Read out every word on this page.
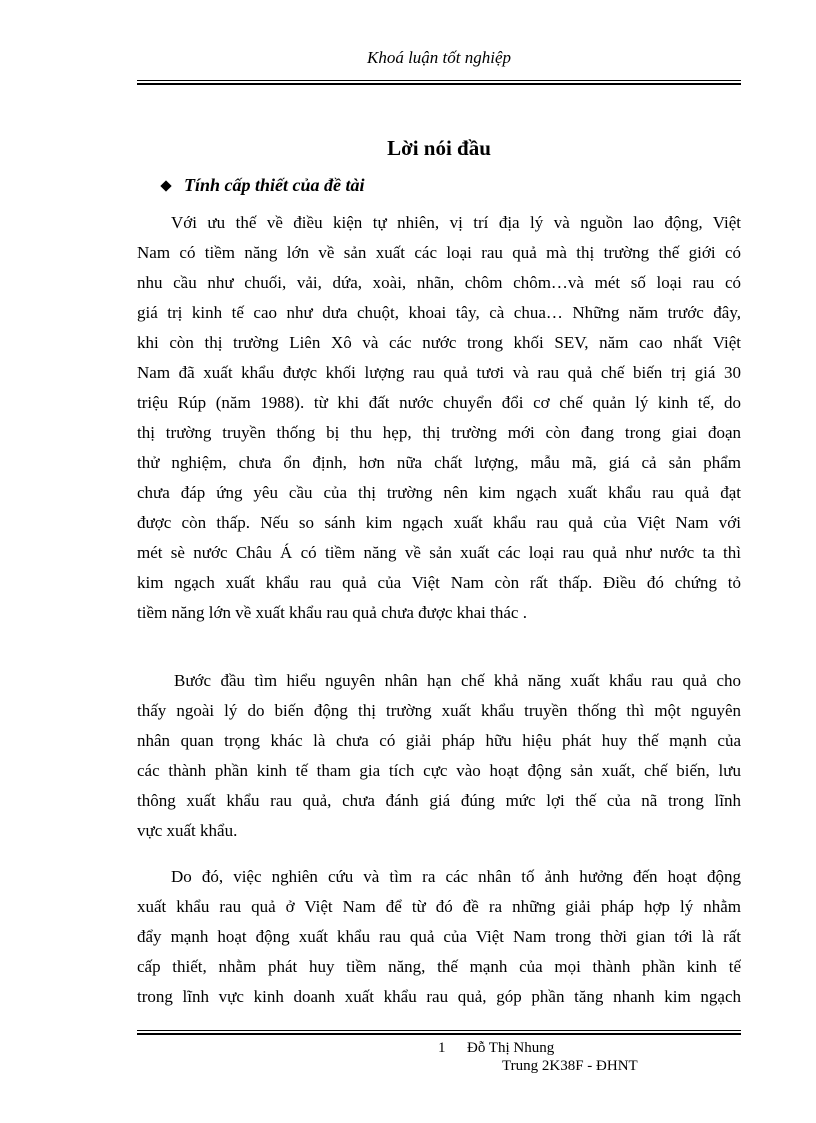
Khoá luận tốt nghiệp
Lời nói đầu
Tính cấp thiết của đề tài
Với ưu thế về điều kiện tự nhiên, vị trí địa lý và nguồn lao động, Việt
Nam có tiềm năng lớn về sản xuất các loại rau quả mà thị trường thế giới có
nhu cầu như chuối, vải, dứa, xoài, nhãn, chôm chôm…và mét số loại rau có
giá trị kinh tế cao như dưa chuột, khoai tây, cà chua… Những năm trước đây,
khi còn thị trường Liên Xô và các nước trong khối SEV, năm cao nhất Việt
Nam đã xuất khẩu được khối lượng rau quả tươi và rau quả chế biến trị giá 30
triệu Rúp (năm 1988). từ khi đất nước chuyển đổi cơ chế quản lý kinh tế, do
thị trường truyền thống bị thu hẹp, thị trường mới còn đang trong giai đoạn
thử nghiệm, chưa ổn định, hơn nữa chất lượng, mẫu mã, giá cả sản phẩm
chưa đáp ứng yêu cầu của thị trường nên kim ngạch xuất khẩu rau quả đạt
được còn thấp. Nếu so sánh kim ngạch xuất khẩu rau quả của Việt Nam với
mét sè nước Châu Á có tiềm năng về sản xuất các loại rau quả như nước ta thì
kim ngạch xuất khẩu rau quả của Việt Nam còn rất thấp. Điều đó chứng tỏ
tiềm năng lớn về xuất khẩu rau quả chưa được khai thác .
Bước đầu tìm hiểu nguyên nhân hạn chế khả năng xuất khẩu rau quả cho
thấy ngoài lý do biến động thị trường xuất khẩu truyền thống thì một nguyên
nhân quan trọng khác là chưa có giải pháp hữu hiệu phát huy thế mạnh của
các thành phần kinh tế tham gia tích cực vào hoạt động sản xuất, chế biến, lưu
thông xuất khẩu rau quả, chưa đánh giá đúng mức lợi thế của nã trong lĩnh
vực xuất khẩu.
Do đó, việc nghiên cứu và tìm ra các nhân tố ảnh hưởng đến hoạt động
xuất khẩu rau quả ở Việt Nam để từ đó đề ra những giải pháp hợp lý nhằm
đẩy mạnh hoạt động xuất khẩu rau quả của Việt Nam trong thời gian tới là rất
cấp thiết, nhằm phát huy tiềm năng, thế mạnh của mọi thành phần kinh tế
trong lĩnh vực kinh doanh xuất khẩu rau quả, góp phần tăng nhanh kim ngạch
1 Đỗ Thị Nhung
Trung 2K38F - ĐHNT
